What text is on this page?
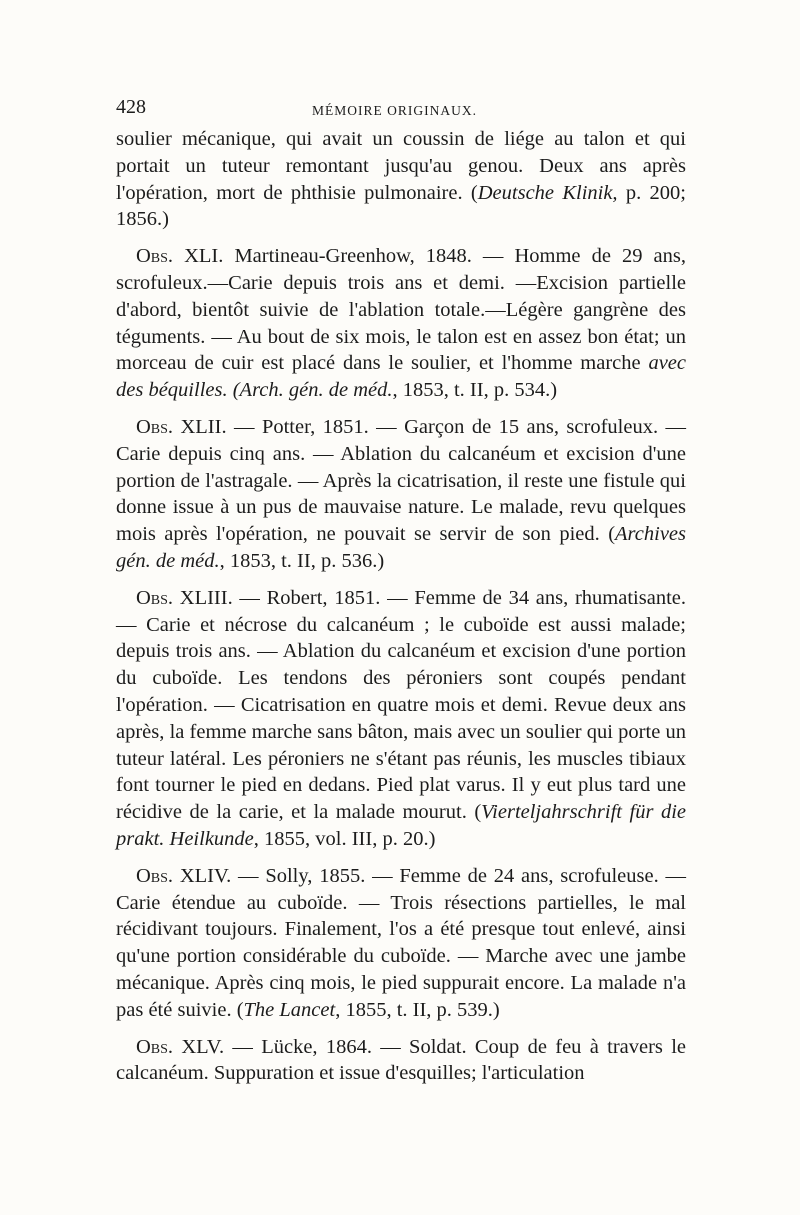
428	MÉMOIRE ORIGINAUX.

soulier mécanique, qui avait un coussin de liége au talon et qui portait un tuteur remontant jusqu'au genou. Deux ans après l'opération, mort de phthisie pulmonaire. (Deutsche Klinik, p. 200; 1856.)

Obs. XLI. Martineau-Greenhow, 1848. — Homme de 29 ans, scrofuleux.—Carie depuis trois ans et demi. —Excision partielle d'abord, bientôt suivie de l'ablation totale.—Légère gangrène des téguments. — Au bout de six mois, le talon est en assez bon état; un morceau de cuir est placé dans le soulier, et l'homme marche avec des béquilles. (Arch. gén. de méd., 1853, t. II, p. 534.)

Obs. XLII. — Potter, 1851. — Garçon de 15 ans, scrofuleux. — Carie depuis cinq ans. — Ablation du calcanéum et excision d'une portion de l'astragale. — Après la cicatrisation, il reste une fistule qui donne issue à un pus de mauvaise nature. Le malade, revu quelques mois après l'opération, ne pouvait se servir de son pied. (Archives gén. de méd., 1853, t. II, p. 536.)

Obs. XLIII. — Robert, 1851. — Femme de 34 ans, rhumatisante. — Carie et nécrose du calcanéum ; le cuboïde est aussi malade; depuis trois ans. — Ablation du calcanéum et excision d'une portion du cuboïde. Les tendons des péroniers sont coupés pendant l'opération. — Cicatrisation en quatre mois et demi. Revue deux ans après, la femme marche sans bâton, mais avec un soulier qui porte un tuteur latéral. Les péroniers ne s'étant pas réunis, les muscles tibiaux font tourner le pied en dedans. Pied plat varus. Il y eut plus tard une récidive de la carie, et la malade mourut. (Vierteljahrschrift für die prakt. Heilkunde, 1855, vol. III, p. 20.)

Obs. XLIV. — Solly, 1855. — Femme de 24 ans, scrofuleuse. — Carie étendue au cuboïde. — Trois résections partielles, le mal récidivant toujours. Finalement, l'os a été presque tout enlevé, ainsi qu'une portion considérable du cuboïde. — Marche avec une jambe mécanique. Après cinq mois, le pied suppurait encore. La malade n'a pas été suivie. (The Lancet, 1855, t. II, p. 539.)

Obs. XLV. — Lücke, 1864. — Soldat. Coup de feu à travers le calcanéum. Suppuration et issue d'esquilles; l'articulation
